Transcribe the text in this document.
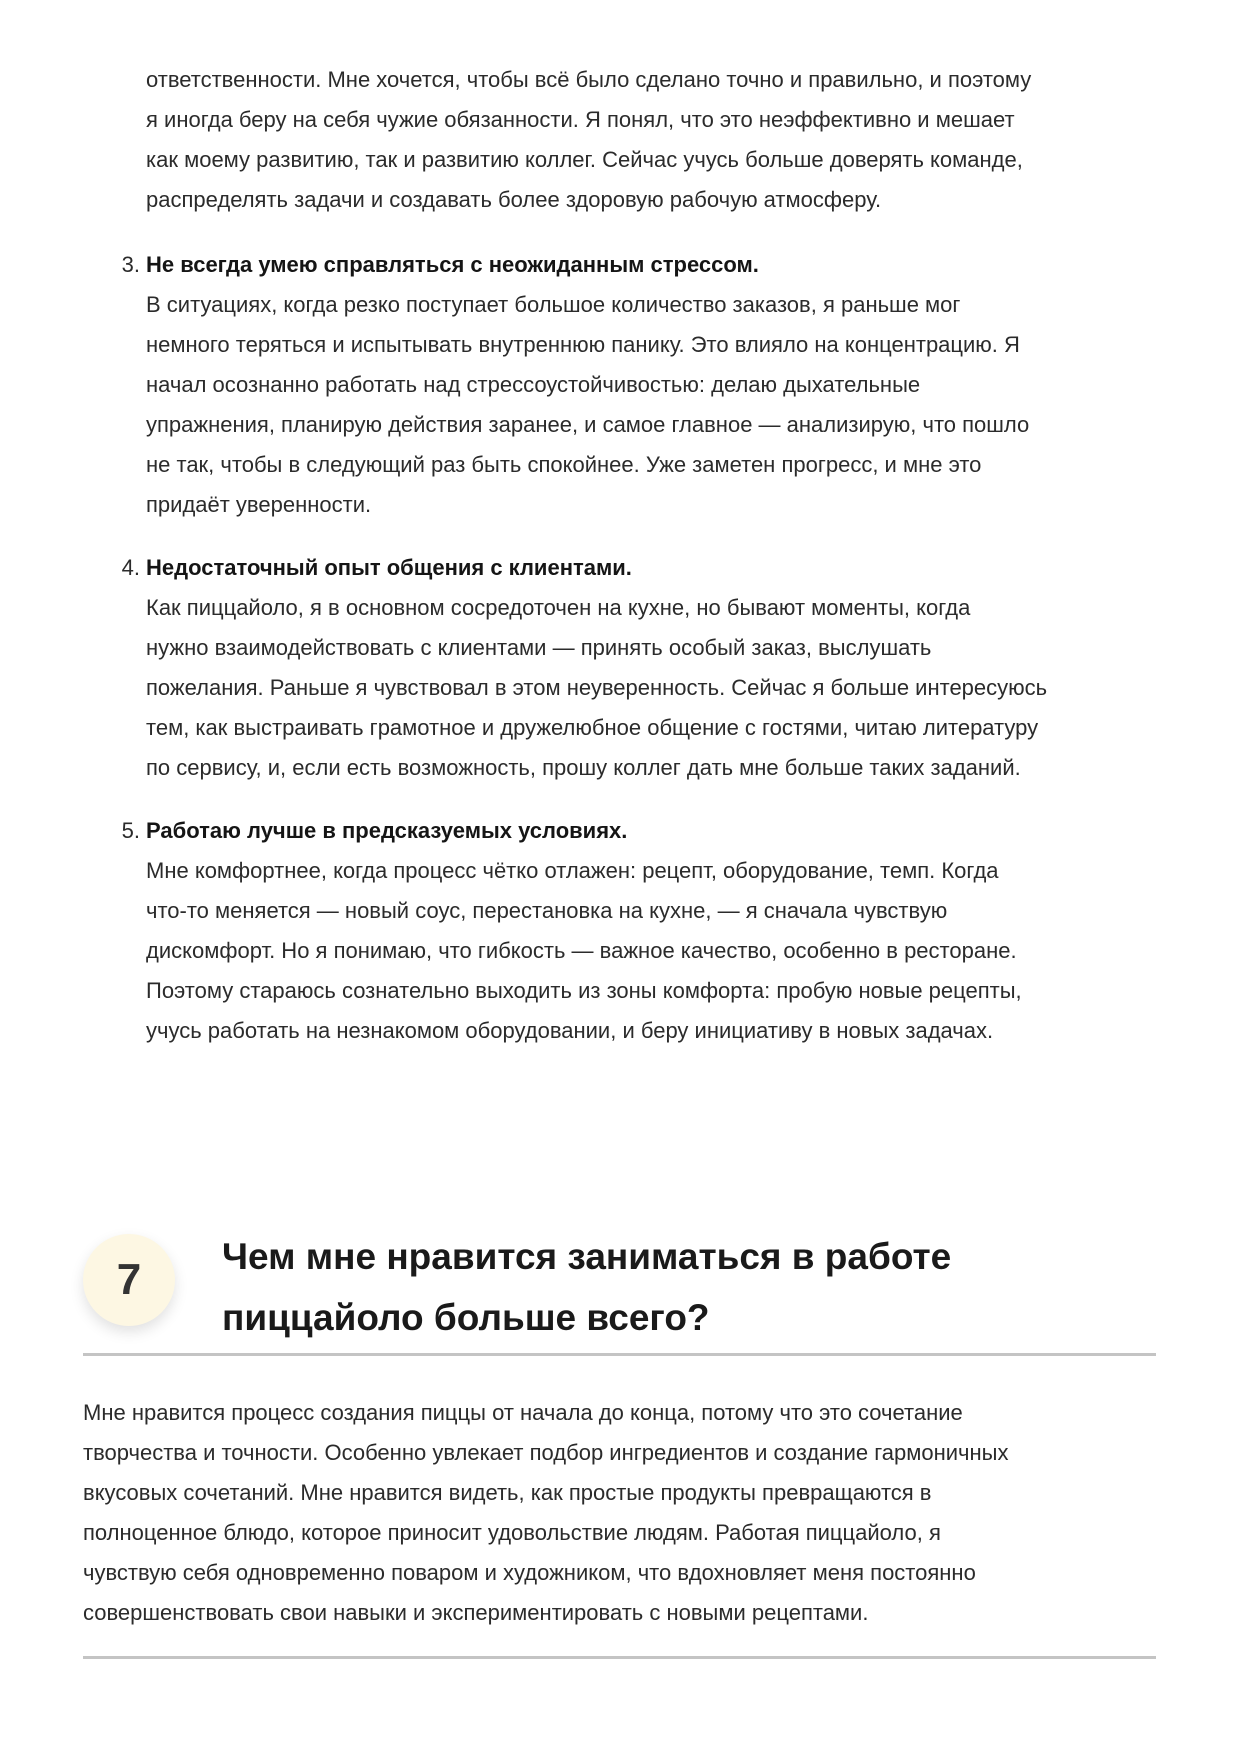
ответственности. Мне хочется, чтобы всё было сделано точно и правильно, и поэтому
я иногда беру на себя чужие обязанности. Я понял, что это неэффективно и мешает
как моему развитию, так и развитию коллег. Сейчас учусь больше доверять команде,
распределять задачи и создавать более здоровую рабочую атмосферу.

3. Не всегда умею справляться с неожиданным стрессом.

В ситуациях, когда резко поступает большое количество заказов, я раньше мог
немного теряться и испытывать внутреннюю панику. Это влияло на концентрацию. Я
начал осознанно работать над стрессоустойчивостью: делаю дыхательные
упражнения, планирую действия заранее, и самое главное — анализирую, что пошло
не так, чтобы в следующий раз быть спокойнее. Уже заметен прогресс, и мне это
придаёт уверенности.

4. Недостаточный опыт общения с клиентами.

Как пиццайоло, я в основном сосредоточен на кухне, но бывают моменты, когда
нужно взаимодействовать с клиентами — принять особый заказ, выслушать
пожелания. Раньше я чувствовал в этом неуверенность. Сейчас я больше интересуюсь
тем, как выстраивать грамотное и дружелюбное общение с гостями, читаю литературу
по сервису, и, если есть возможность, прошу коллег дать мне больше таких заданий.

5. Работаю лучше в предсказуемых условиях.

Мне комфортнее, когда процесс чётко отлажен: рецепт, оборудование, темп. Когда
что-то меняется — новый соус, перестановка на кухне, — я сначала чувствую
дискомфорт. Но я понимаю, что гибкость — важное качество, особенно в ресторане.
Поэтому стараюсь сознательно выходить из зоны комфорта: пробую новые рецепты,
учусь работать на незнакомом оборудовании, и беру инициативу в новых задачах.

7	Чем мне нравится заниматься в работе
пиццайоло больше всего?

Мне нравится процесс создания пиццы от начала до конца, потому что это сочетание
творчества и точности. Особенно увлекает подбор ингредиентов и создание гармоничных
вкусовых сочетаний. Мне нравится видеть, как простые продукты превращаются в
полноценное блюдо, которое приносит удовольствие людям. Работая пиццайоло, я
чувствую себя одновременно поваром и художником, что вдохновляет меня постоянно
совершенствовать свои навыки и экспериментировать с новыми рецептами.
